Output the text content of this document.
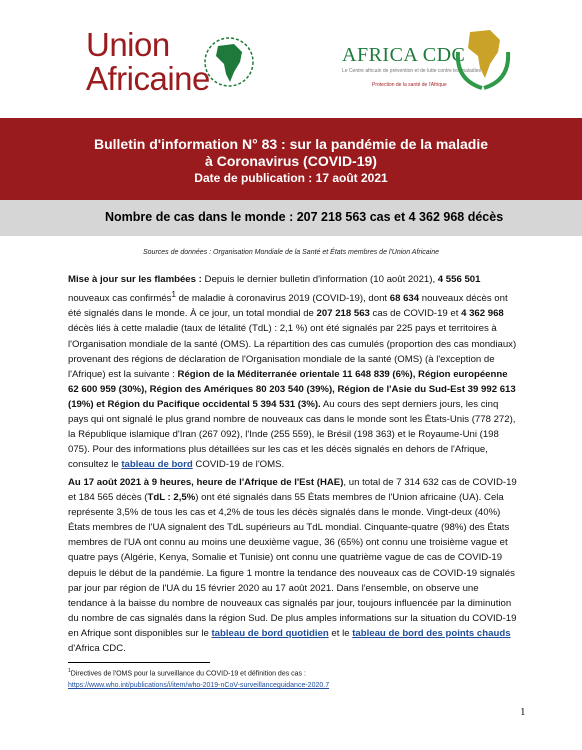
Union
Africaine
AFRICA CDC
Le Centre africain de prévention et de lutte contre les maladies
Protection de la santé de l'Afrique
Bulletin d'information N° 83 : sur la pandémie de la maladie
à Coronavirus (COVID-19)
Date de publication : 17 août 2021
Nombre de cas dans le monde : 207 218 563 cas et 4 362 968 décès
Sources de données : Organisation Mondiale de la Santé et États membres de l'Union Africaine
Mise à jour sur les flambées : Depuis le dernier bulletin d'information (10 août 2021), 4 556 501 nouveaux cas confirmés$^1$ de maladie à coronavirus 2019 (COVID-19), dont 68 634 nouveaux décès ont été signalés dans le monde. À ce jour, un total mondial de 207 218 563 cas de COVID-19 et 4 362 968 décès liés à cette maladie (taux de létalité (TdL) : 2,1 %) ont été signalés par 225 pays et territoires à l'Organisation mondiale de la santé (OMS). La répartition des cas cumulés (proportion des cas mondiaux) provenant des régions de déclaration de l'Organisation mondiale de la santé (OMS) (à l'exception de l'Afrique) est la suivante : Région de la Méditerranée orientale 11 648 839 (6%), Région européenne 62 600 959 (30%), Région des Amériques 80 203 540 (39%), Région de l'Asie du Sud-Est 39 992 613 (19%) et Région du Pacifique occidental 5 394 531 (3%). Au cours des sept derniers jours, les cinq pays qui ont signalé le plus grand nombre de nouveaux cas dans le monde sont les États-Unis (778 272), la République islamique d'Iran (267 092), l'Inde (255 559), le Brésil (198 363) et le Royaume-Uni (198 075). Pour des informations plus détaillées sur les cas et les décès signalés en dehors de l'Afrique, consultez le tableau de bord COVID-19 de l'OMS.
Au 17 août 2021 à 9 heures, heure de l'Afrique de l'Est (HAE), un total de 7 314 632 cas de COVID-19 et 184 565 décès (TdL : 2,5%) ont été signalés dans 55 États membres de l'Union africaine (UA). Cela représente 3,5% de tous les cas et 4,2% de tous les décès signalés dans le monde. Vingt-deux (40%) États membres de l'UA signalent des TdL supérieurs au TdL mondial. Cinquante-quatre (98%) des États membres de l'UA ont connu au moins une deuxième vague, 36 (65%) ont connu une troisième vague et quatre pays (Algérie, Kenya, Somalie et Tunisie) ont connu une quatrième vague de cas de COVID-19 depuis le début de la pandémie. La figure 1 montre la tendance des nouveaux cas de COVID-19 signalés par jour par région de l'UA du 15 février 2020 au 17 août 2021. Dans l'ensemble, on observe une tendance à la baisse du nombre de nouveaux cas signalés par jour, toujours influencée par la diminution du nombre de cas signalés dans la région Sud. De plus amples informations sur la situation du COVID-19 en Afrique sont disponibles sur le tableau de bord quotidien et le tableau de bord des points chauds d'Africa CDC.
$^1$Directives de l'OMS pour la surveillance du COVID-19 et définition des cas :
https://www.who.int/publications/i/item/who-2019-nCoV-surveillanceguidance-2020.7
1
